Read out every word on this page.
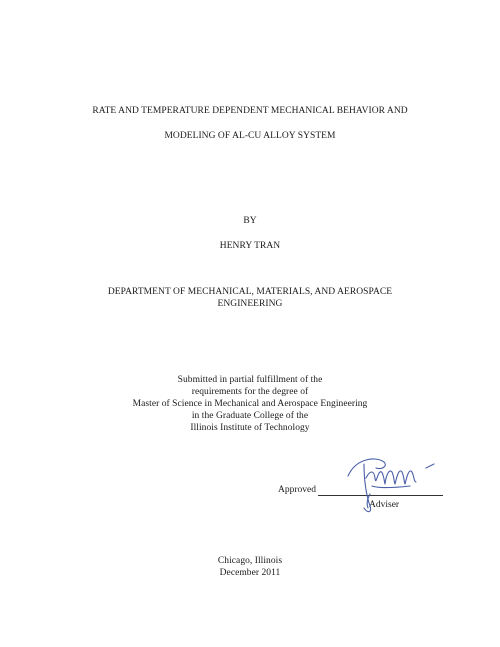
RATE AND TEMPERATURE DEPENDENT MECHANICAL BEHAVIOR AND
MODELING OF AL-CU ALLOY SYSTEM
BY
HENRY TRAN
DEPARTMENT OF MECHANICAL, MATERIALS, AND AEROSPACE
ENGINEERING
Submitted in partial fulfillment of the
requirements for the degree of
Master of Science in Mechanical and Aerospace Engineering
in the Graduate College of the
Illinois Institute of Technology
Approved
Adviser
Chicago, Illinois
December 2011
